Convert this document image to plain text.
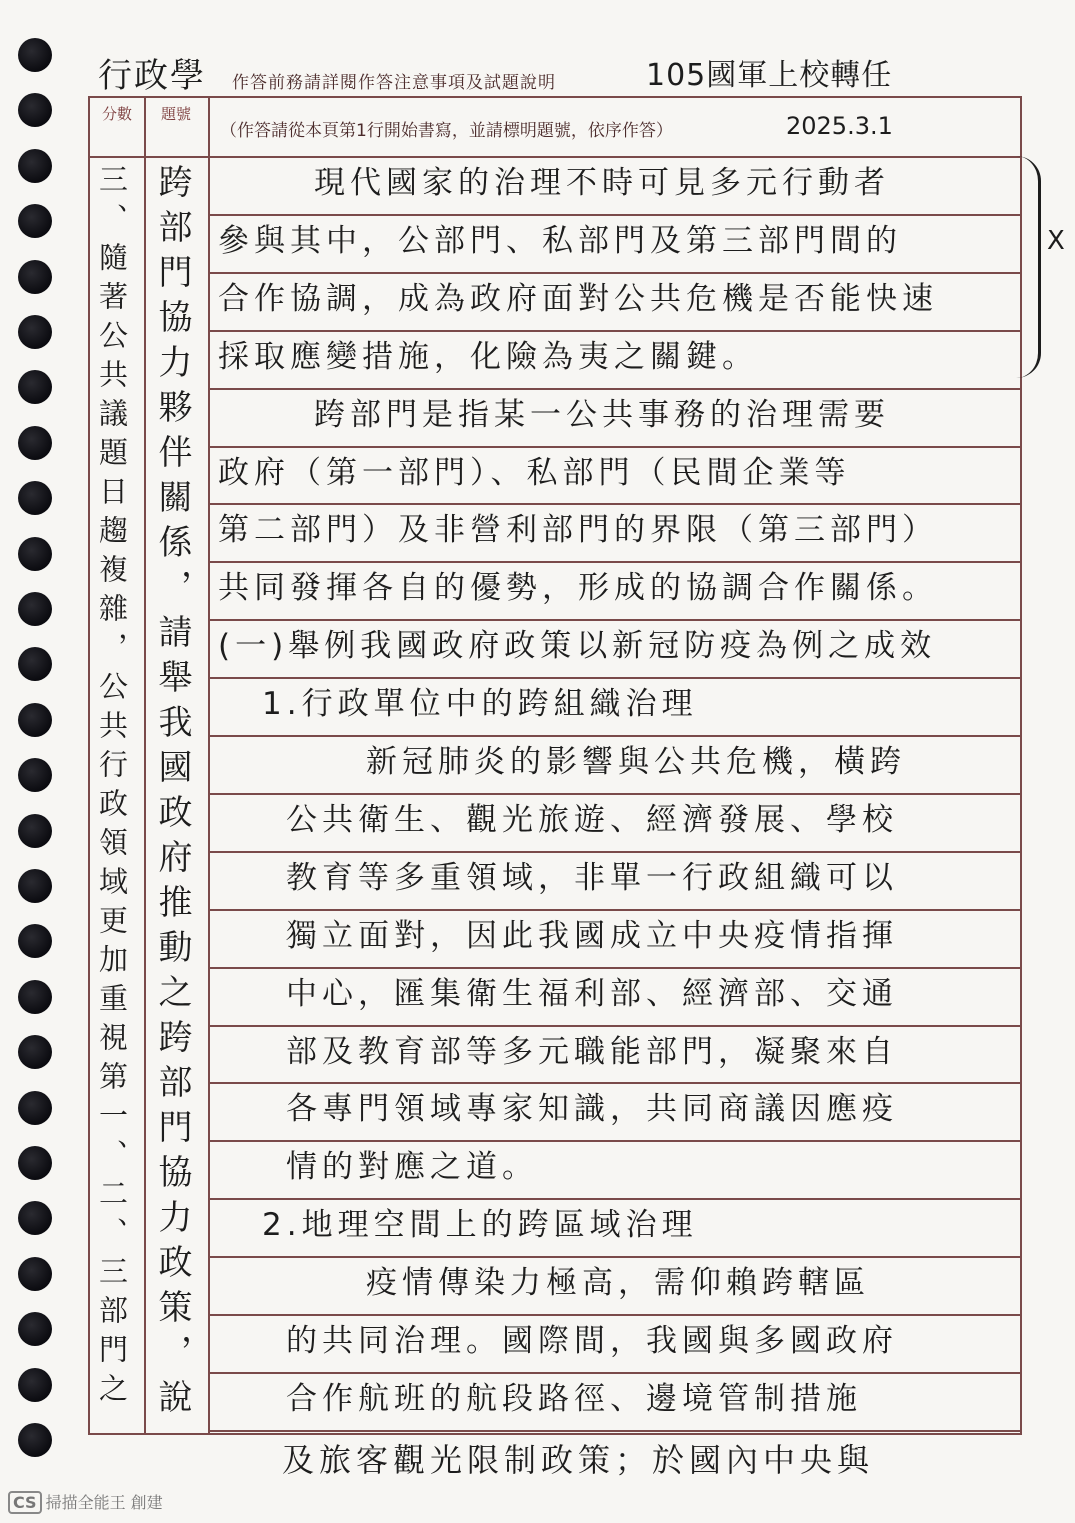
行政學 作答前務請詳閱作答注意事項及試題說明	105國軍上校轉任
分數 題號
（作答請從本頁第1行開始書寫，並請標明題號，依序作答）	2025.3.1
三、隨著公共議題日趨複雜，公共行政領域更加重視第一、二、三部門之 跨部門協力夥伴關係，請舉我國政府推動之跨部門協力政策，說	現代國家的治理不時可見多元行動者
參與其中，公部門、私部門及第三部門間的
合作協調，成為政府面對公共危機是否能快速
採取應變措施，化險為夷之關鍵。
跨部門是指某一公共事務的治理需要
政府（第一部門）、私部門（民間企業等
第二部門）及非營利部門的界限（第三部門）
共同發揮各自的優勢，形成的協調合作關係。
(一)舉例我國政府政策以新冠防疫為例之成效
1.行政單位中的跨組織治理
新冠肺炎的影響與公共危機，橫跨
公共衛生、觀光旅遊、經濟發展、學校
教育等多重領域，非單一行政組織可以
獨立面對，因此我國成立中央疫情指揮
中心，匯集衛生福利部、經濟部、交通
部及教育部等多元職能部門，凝聚來自
各專門領域專家知識，共同商議因應疫
情的對應之道。
2.地理空間上的跨區域治理
疫情傳染力極高，需仰賴跨轄區
的共同治理。國際間，我國與多國政府
合作航班的航段路徑、邊境管制措施
X
及旅客觀光限制政策；於國內中央與
CS 掃描全能王 創建
